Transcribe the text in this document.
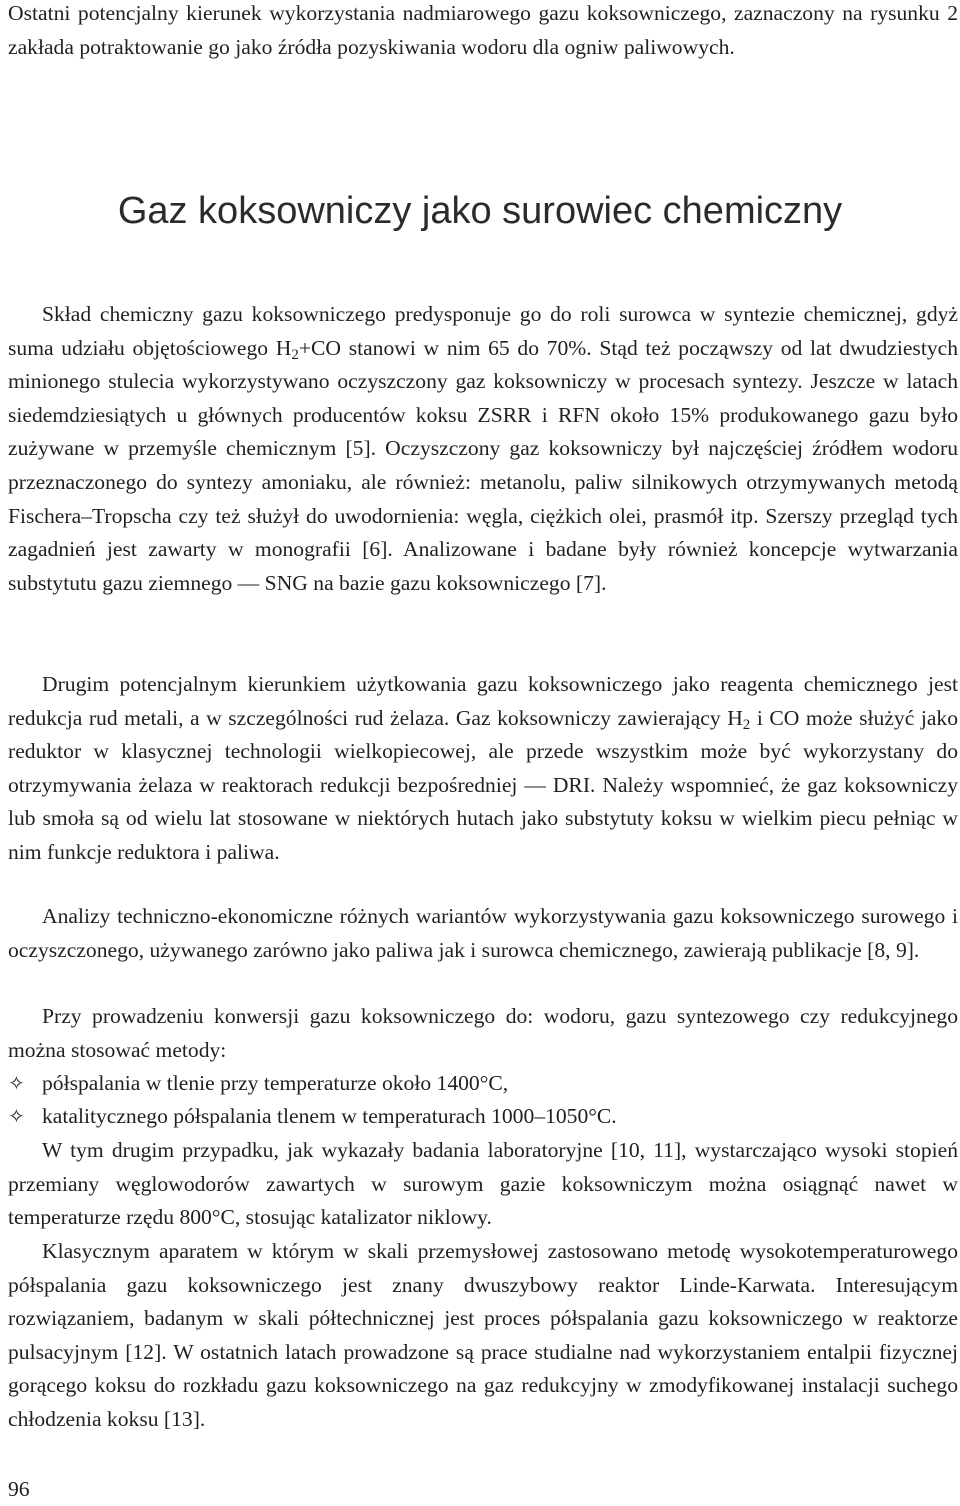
Ostatni potencjalny kierunek wykorzystania nadmiarowego gazu koksowniczego, zaznaczony na rysunku 2 zakłada potraktowanie go jako źródła pozyskiwania wodoru dla ogniw paliwowych.

Gaz koksowniczy jako surowiec chemiczny

Skład chemiczny gazu koksowniczego predysponuje go do roli surowca w syntezie chemicznej, gdyż suma udziału objętościowego $H_2+CO$ stanowi w nim 65 do 70%. Stąd też począwszy od lat dwudziestych minionego stulecia wykorzystywano oczyszczony gaz koksowniczy w procesach syntezy. Jeszcze w latach siedemdziesiątych u głównych producentów koksu ZSRR i RFN około 15% produkowanego gazu było zużywane w przemyśle chemicznym [5]. Oczyszczony gaz koksowniczy był najczęściej źródłem wodoru przeznaczonego do syntezy amoniaku, ale również: metanolu, paliw silnikowych otrzymywanych metodą Fischera–Tropscha czy też służył do uwodornienia: węgla, ciężkich olei, prasmół itp. Szerszy przegląd tych zagadnień jest zawarty w monografii [6]. Analizowane i badane były również koncepcje wytwarzania substytutu gazu ziemnego — SNG na bazie gazu koksowniczego [7].

Drugim potencjalnym kierunkiem użytkowania gazu koksowniczego jako reagenta chemicznego jest redukcja rud metali, a w szczególności rud żelaza. Gaz koksowniczy zawierający $H_2$ i CO może służyć jako reduktor w klasycznej technologii wielkopiecowej, ale przede wszystkim może być wykorzystany do otrzymywania żelaza w reaktorach redukcji bezpośredniej — DRI. Należy wspomnieć, że gaz koksowniczy lub smoła są od wielu lat stosowane w niektórych hutach jako substytuty koksu w wielkim piecu pełniąc w nim funkcje reduktora i paliwa.

Analizy techniczno-ekonomiczne różnych wariantów wykorzystywania gazu koksowniczego surowego i oczyszczonego, używanego zarówno jako paliwa jak i surowca chemicznego, zawierają publikacje [8, 9].

Przy prowadzeniu konwersji gazu koksowniczego do: wodoru, gazu syntezowego czy redukcyjnego można stosować metody:

✧ półspalania w tlenie przy temperaturze około 1400°C,

✧ katalitycznego półspalania tlenem w temperaturach 1000–1050°C.

W tym drugim przypadku, jak wykazały badania laboratoryjne [10, 11], wystarczająco wysoki stopień przemiany węglowodorów zawartych w surowym gazie koksowniczym można osiągnąć nawet w temperaturze rzędu 800°C, stosując katalizator niklowy.

Klasycznym aparatem w którym w skali przemysłowej zastosowano metodę wysokotemperaturowego półspalania gazu koksowniczego jest znany dwuszybowy reaktor Linde-Karwata. Interesującym rozwiązaniem, badanym w skali półtechnicznej jest proces półspalania gazu koksowniczego w reaktorze pulsacyjnym [12]. W ostatnich latach prowadzone są prace studialne nad wykorzystaniem entalpii fizycznej gorącego koksu do rozkładu gazu koksowniczego na gaz redukcyjny w zmodyfikowanej instalacji suchego chłodzenia koksu [13].

96
